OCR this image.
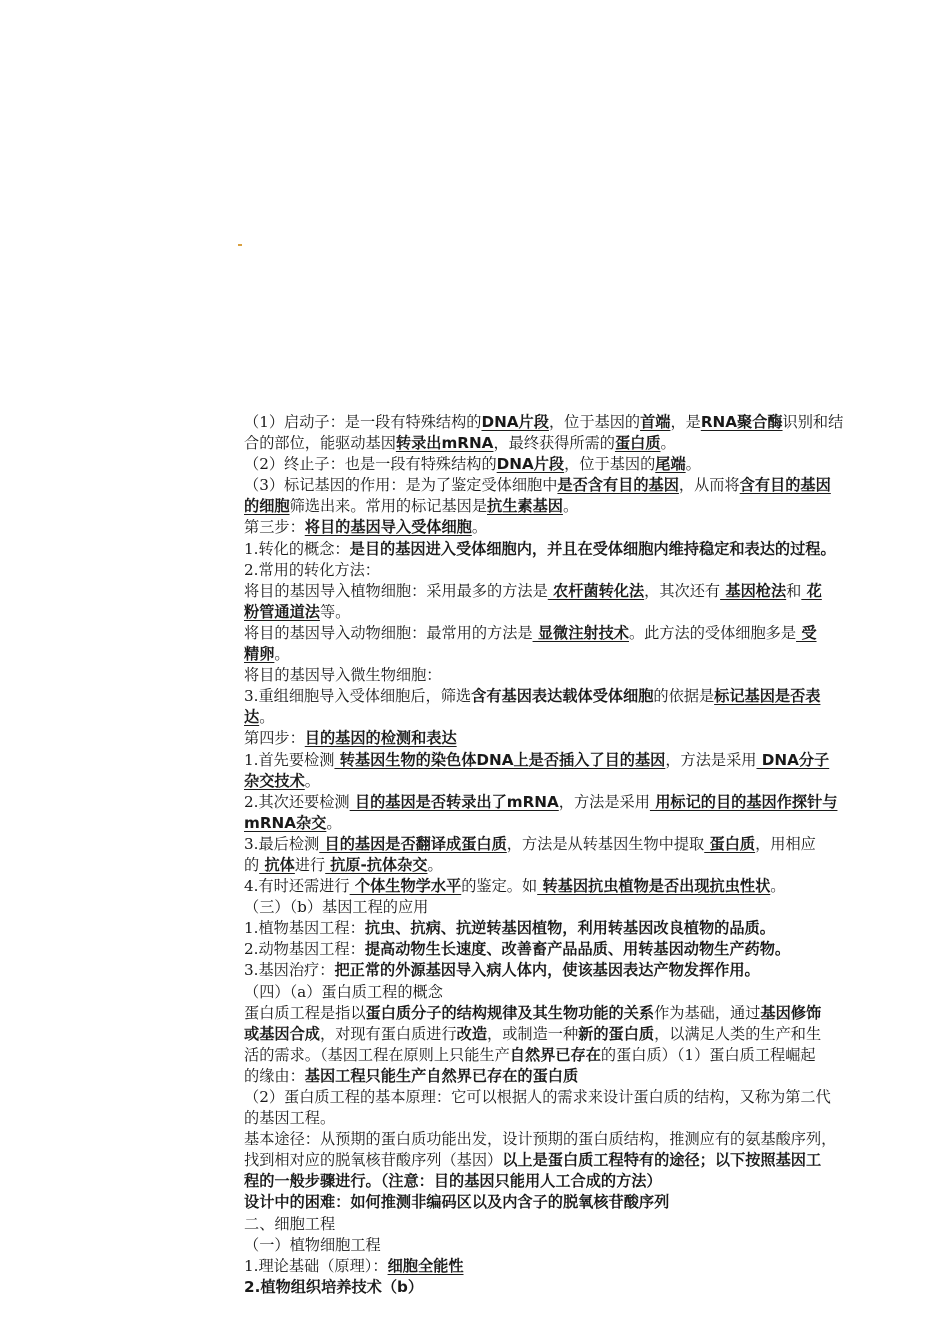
（1）启动子：是一段有特殊结构的DNA片段，位于基因的首端，是RNA聚合酶识别和结
合的部位，能驱动基因转录出mRNA，最终获得所需的蛋白质。
（2）终止子：也是一段有特殊结构的DNA片段，位于基因的尾端。
（3）标记基因的作用：是为了鉴定受体细胞中是否含有目的基因，从而将含有目的基因
的细胞筛选出来。常用的标记基因是抗生素基因。
第三步：将目的基因导入受体细胞。
1.转化的概念：是目的基因进入受体细胞内，并且在受体细胞内维持稳定和表达的过程。
2.常用的转化方法：
将目的基因导入植物细胞：采用最多的方法是 农杆菌转化法，其次还有 基因枪法和 花
粉管通道法等。
将目的基因导入动物细胞：最常用的方法是 显微注射技术。此方法的受体细胞多是 受
精卵。
将目的基因导入微生物细胞：
3.重组细胞导入受体细胞后，筛选含有基因表达载体受体细胞的依据是标记基因是否表
达。
第四步：目的基因的检测和表达
1.首先要检测 转基因生物的染色体DNA上是否插入了目的基因，方法是采用 DNA分子
杂交技术。
2.其次还要检测 目的基因是否转录出了mRNA，方法是采用 用标记的目的基因作探针与
mRNA杂交。
3.最后检测 目的基因是否翻译成蛋白质，方法是从转基因生物中提取 蛋白质，用相应
的 抗体进行 抗原-抗体杂交。
4.有时还需进行 个体生物学水平的鉴定。如 转基因抗虫植物是否出现抗虫性状。
（三）（b）基因工程的应用
1.植物基因工程：抗虫、抗病、抗逆转基因植物，利用转基因改良植物的品质。
2.动物基因工程：提高动物生长速度、改善畜产品品质、用转基因动物生产药物。
3.基因治疗：把正常的外源基因导入病人体内，使该基因表达产物发挥作用。
（四）（a）蛋白质工程的概念
蛋白质工程是指以蛋白质分子的结构规律及其生物功能的关系作为基础，通过基因修饰
或基因合成，对现有蛋白质进行改造，或制造一种新的蛋白质，以满足人类的生产和生
活的需求。（基因工程在原则上只能生产自然界已存在的蛋白质）（1）蛋白质工程崛起
的缘由：基因工程只能生产自然界已存在的蛋白质
（2）蛋白质工程的基本原理：它可以根据人的需求来设计蛋白质的结构，又称为第二代
的基因工程。
基本途径：从预期的蛋白质功能出发，设计预期的蛋白质结构，推测应有的氨基酸序列，
找到相对应的脱氧核苷酸序列（基因）以上是蛋白质工程特有的途径；以下按照基因工
程的一般步骤进行。（注意：目的基因只能用人工合成的方法）
设计中的困难：如何推测非编码区以及内含子的脱氧核苷酸序列
二、细胞工程
（一）植物细胞工程
1.理论基础（原理）：细胞全能性
2.植物组织培养技术（b）
